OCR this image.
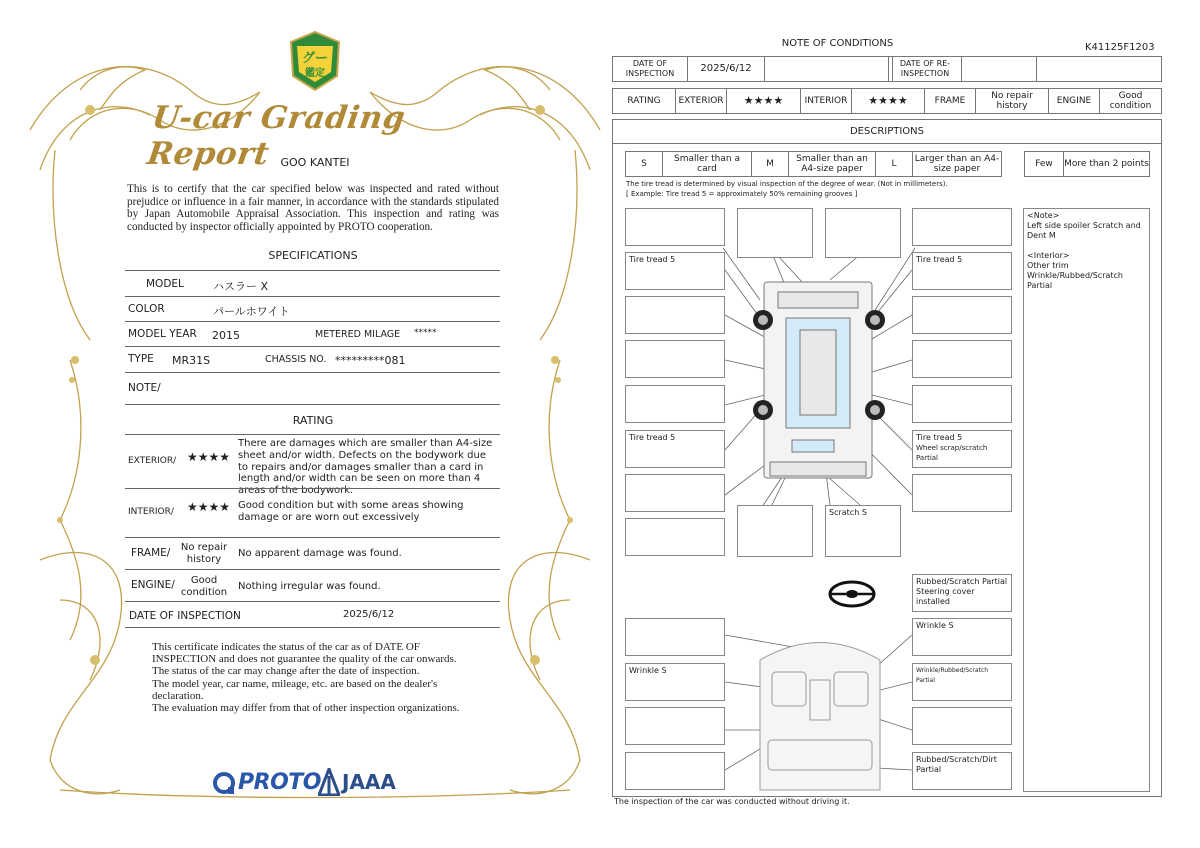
グー
鑑定
U-car Grading Report GOO KANTEI
This is to certify that the car specified below was inspected and rated without prejudice or influence in a fair manner, in accordance with the standards stipulated by Japan Automobile Appraisal Association. This inspection and rating was conducted by inspector officially appointed by PROTO cooperation.
SPECIFICATIONS
MODEL	ハスラー X
COLOR	パールホワイト
MODEL YEAR 2015	METERED MILAGE *****
TYPE MR31S	CHASSIS NO. *********081
NOTE/
RATING
EXTERIOR/ ★★★★
There are damages which are smaller than A4-size sheet and/or width. Defects on the bodywork due to repairs and/or damages smaller than a card in length and/or width can be seen on more than 4 areas of the bodywork.
INTERIOR/ ★★★★ Good condition but with some areas showing damage or are worn out excessively
FRAME/ No repair history
No apparent damage was found.
ENGINE/	Good condition
Nothing irregular was found.
DATE OF INSPECTION	2025/6/12
This certificate indicates the status of the car as of DATE OF
INSPECTION and does not guarantee the quality of the car onwards.
The status of the car may change after the date of inspection.
The model year, car name, mileage, etc. are based on the dealer's
declaration.
The evaluation may differ from that of other inspection organizations.
PROTO JAAA
NOTE OF CONDITIONS	K41125F1203
DATE OF INSPECTION	2025/6/12	DATE OF RE-INSPECTION
RATING	EXTERIOR	★★★★	INTERIOR	★★★★	FRAME	No repair history	ENGINE	Good condition
DESCRIPTIONS
S	Smaller than a card	M	Smaller than an A4-size paper	L	Larger than an A4-size paper	Few	More than 2 points
The tire tread is determined by visual inspection of the degree of wear. (Not in millimeters).
[ Example: Tire tread 5 = approximately 50% remaining grooves ]
Tire tread 5
Tire tread 5
Scratch S
Tire tread 5
Tire tread 5
Wheel scrap/scratch Partial
Rubbed/Scratch Partial
Steering cover installed
Wrinkle S
Wrinkle S
Wrinkle/Rubbed/Scratch Partial
Rubbed/Scratch/Dirt Partial
<Note>
Left side spoiler Scratch and Dent M
<Interior>
Other trim
Wrinkle/Rubbed/Scratch Partial
The inspection of the car was conducted without driving it.
